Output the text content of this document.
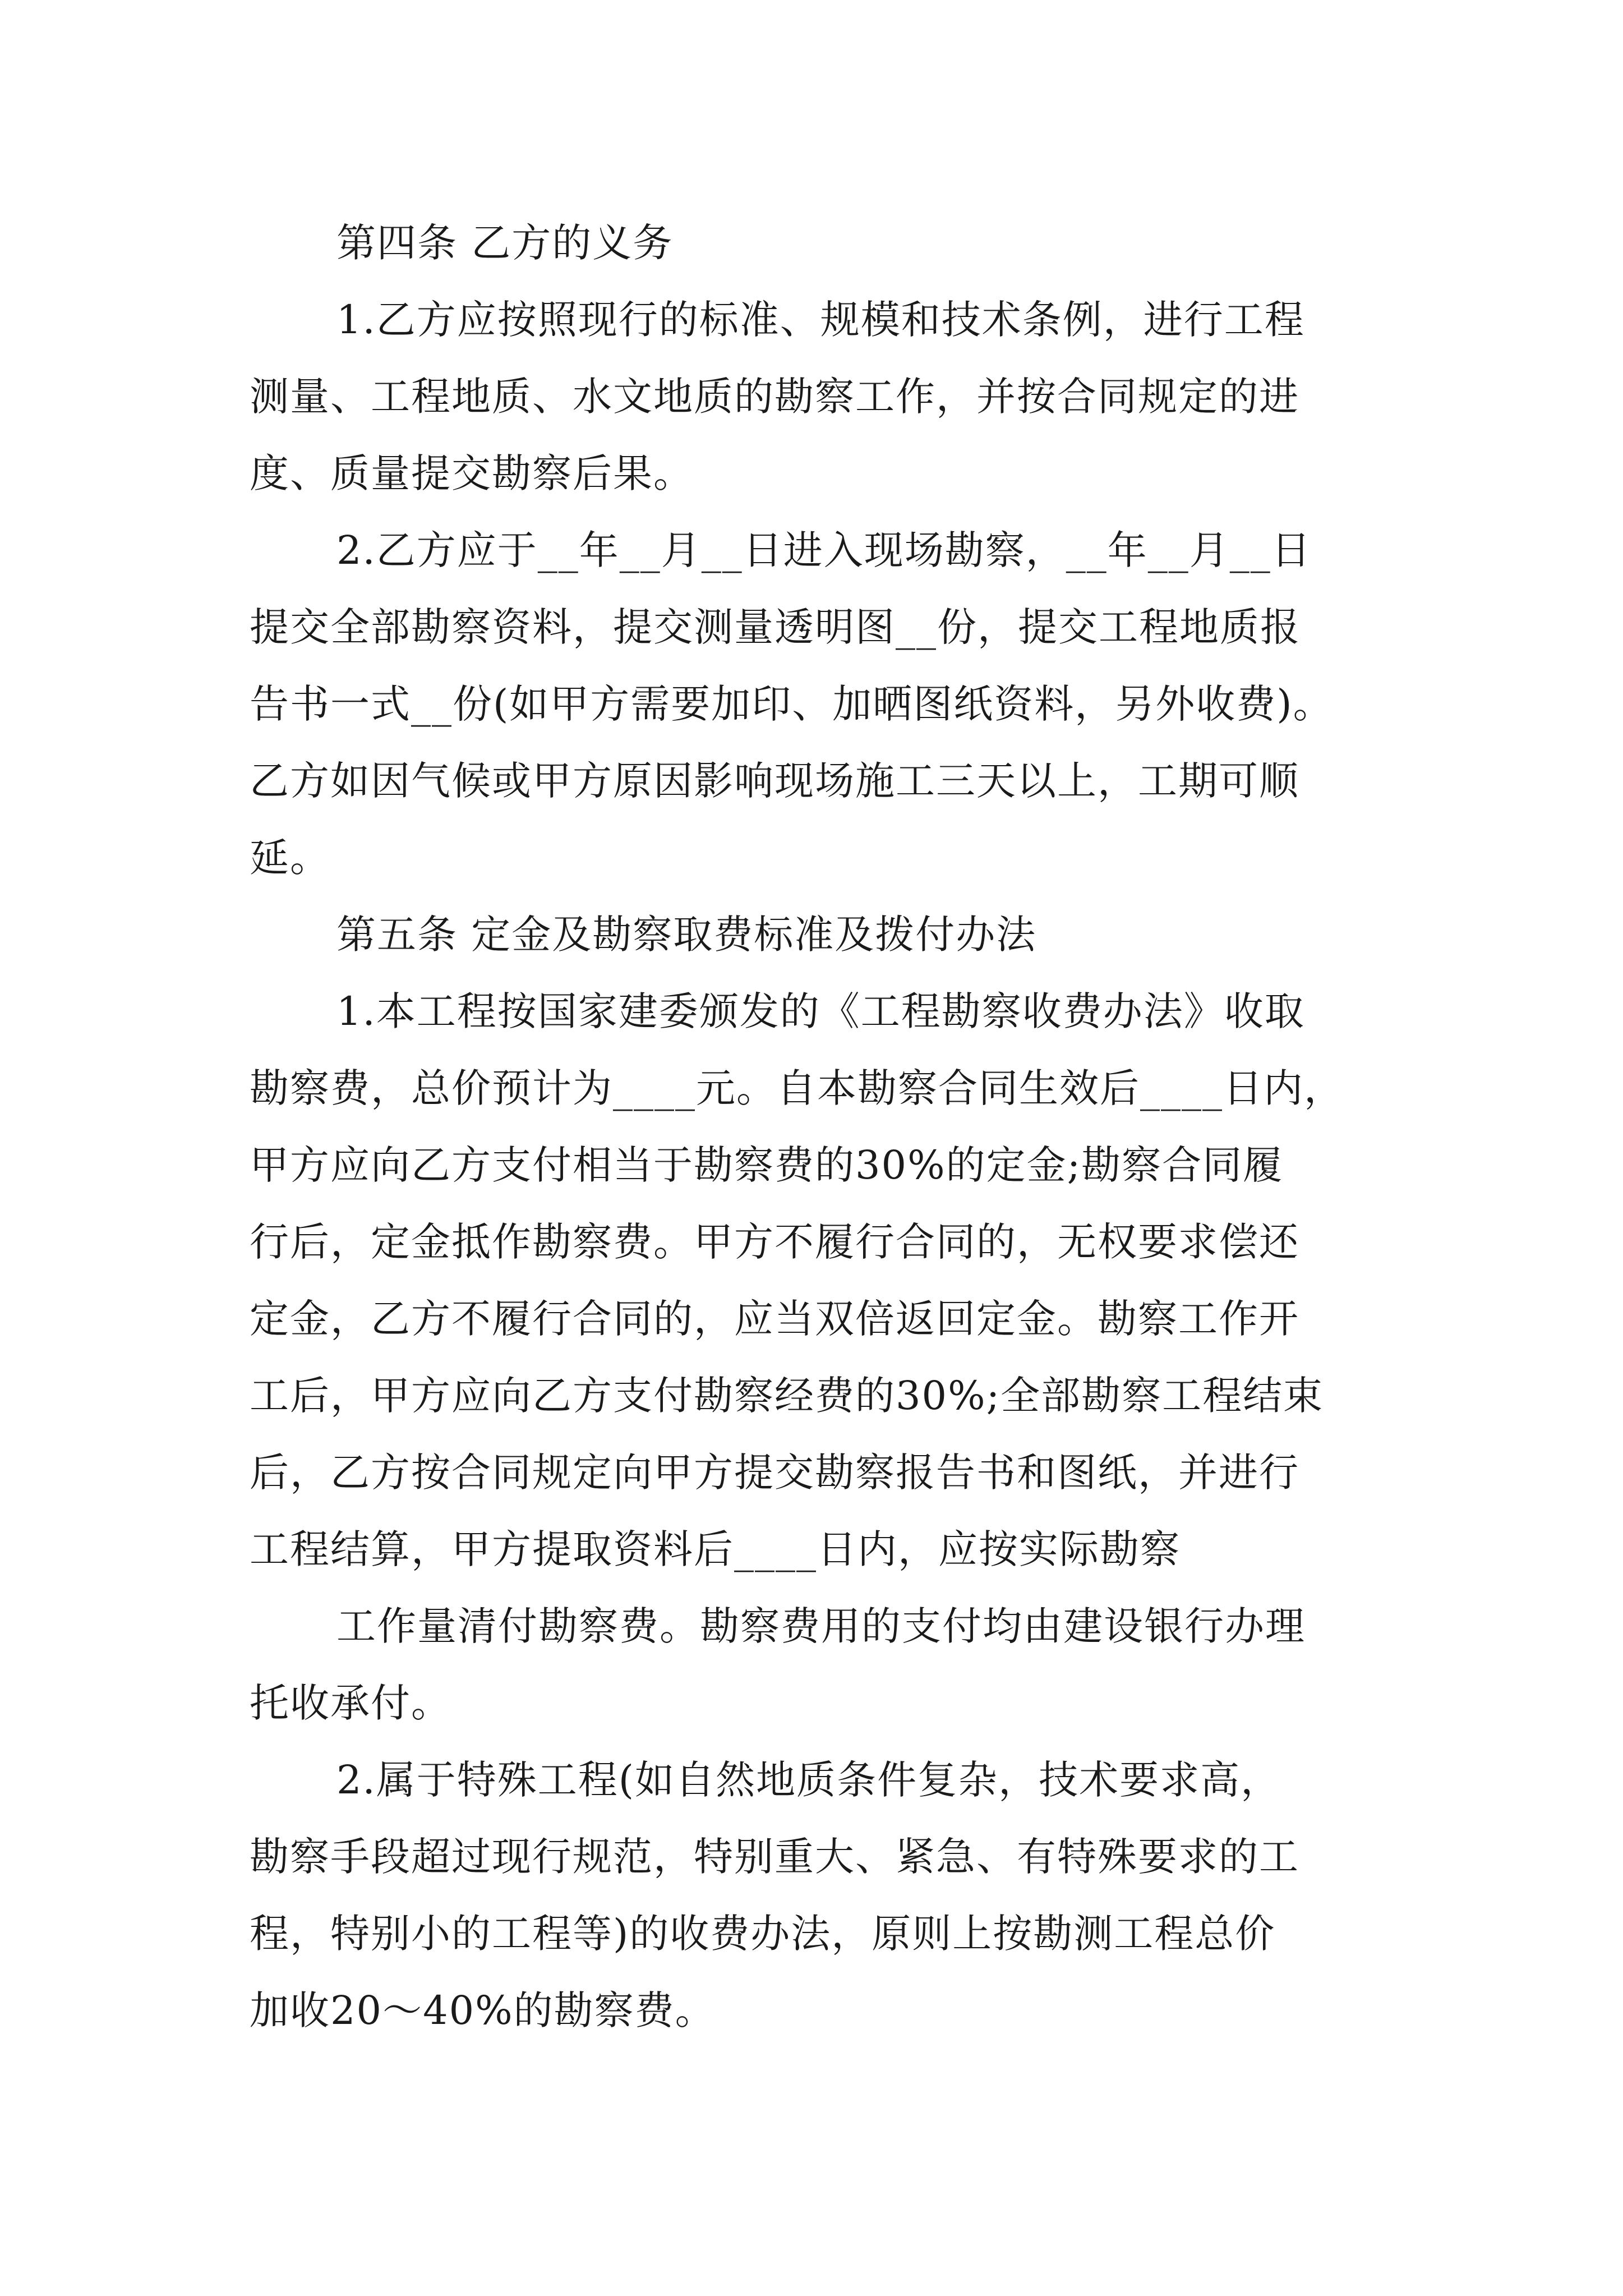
第四条 乙方的义务

1.乙方应按照现行的标准、规模和技术条例，进行工程

测量、工程地质、水文地质的勘察工作，并按合同规定的进

度、质量提交勘察后果。

2.乙方应于__年__月__日进入现场勘察，__年__月__日

提交全部勘察资料，提交测量透明图__份，提交工程地质报

告书一式__份(如甲方需要加印、加晒图纸资料，另外收费)。

乙方如因气候或甲方原因影响现场施工三天以上，工期可顺

延。

第五条 定金及勘察取费标准及拨付办法

1.本工程按国家建委颁发的《工程勘察收费办法》收取

勘察费，总价预计为____元。自本勘察合同生效后____日内，

甲方应向乙方支付相当于勘察费的30%的定金;勘察合同履

行后，定金抵作勘察费。甲方不履行合同的，无权要求偿还

定金，乙方不履行合同的，应当双倍返回定金。勘察工作开

工后，甲方应向乙方支付勘察经费的30%;全部勘察工程结束

后，乙方按合同规定向甲方提交勘察报告书和图纸，并进行

工程结算，甲方提取资料后____日内，应按实际勘察

工作量清付勘察费。勘察费用的支付均由建设银行办理

托收承付。

2.属于特殊工程(如自然地质条件复杂，技术要求高，

勘察手段超过现行规范，特别重大、紧急、有特殊要求的工

程，特别小的工程等)的收费办法，原则上按勘测工程总价

加收20～40%的勘察费。
